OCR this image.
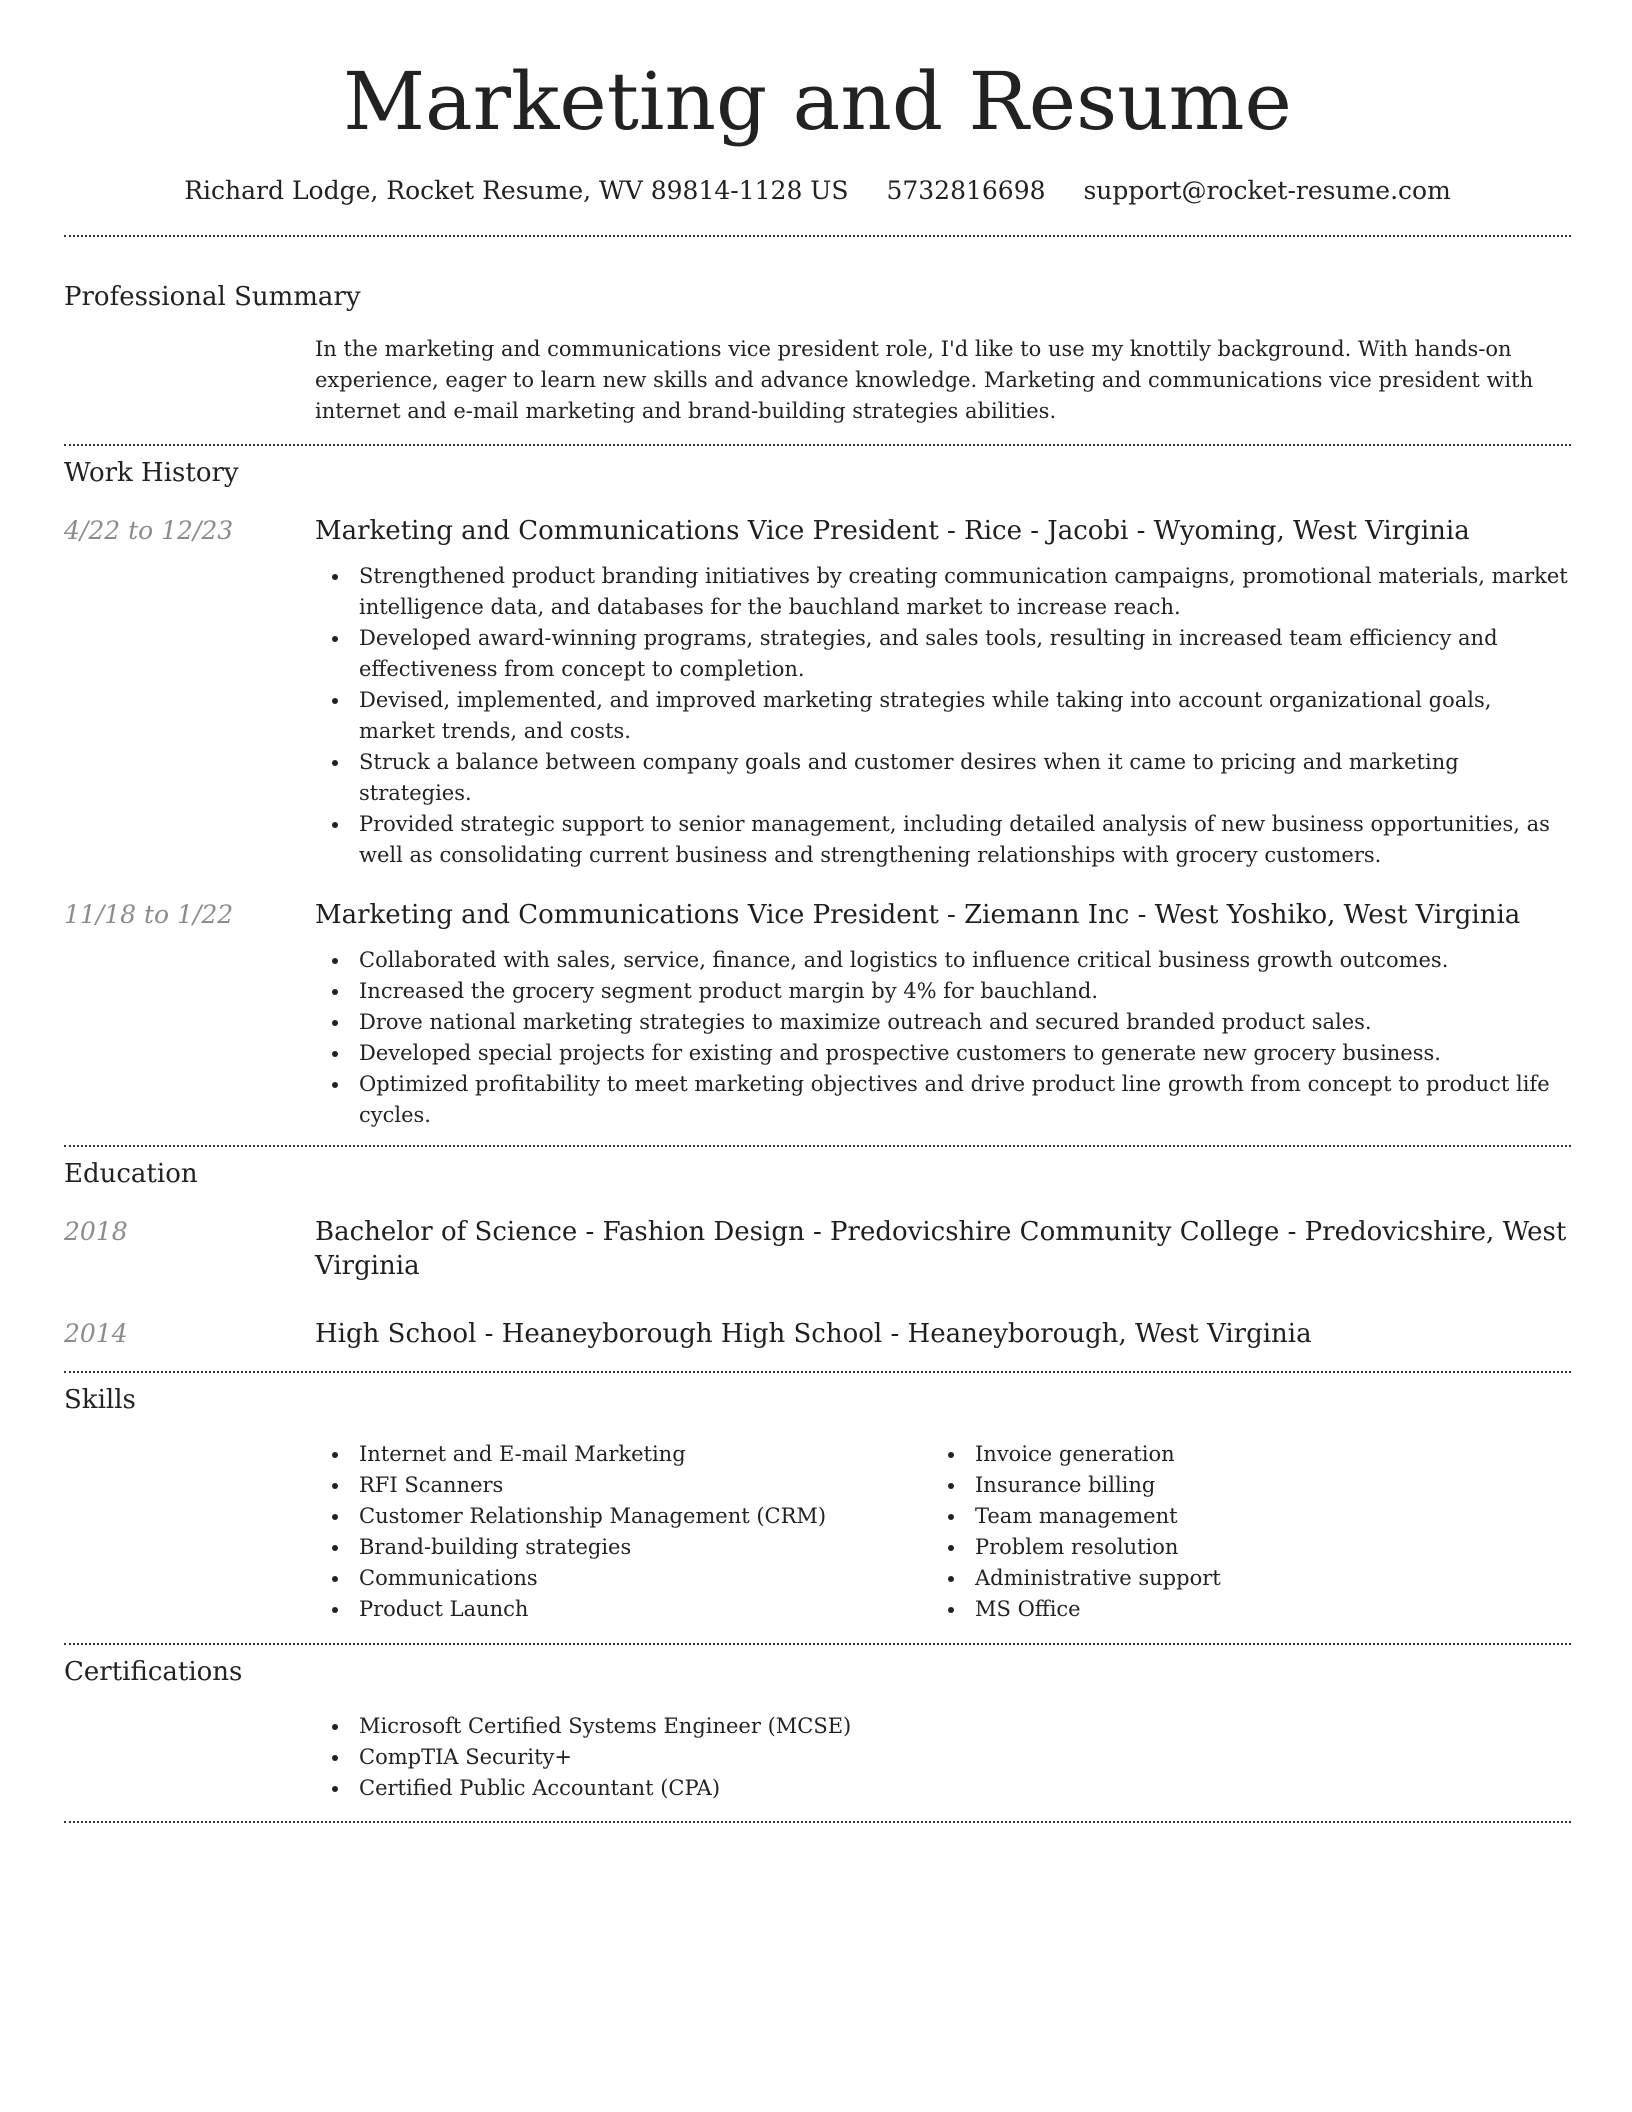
Marketing and Resume
Richard Lodge, Rocket Resume, WV 89814-1128 US 5732816698 support@rocket-resume.com
Professional Summary
In the marketing and communications vice president role, I'd like to use my knottily background. With hands-on experience, eager to learn new skills and advance knowledge. Marketing and communications vice president with internet and e-mail marketing and brand-building strategies abilities.
Work History
4/22 to 12/23	Marketing and Communications Vice President - Rice - Jacobi - Wyoming, West Virginia
Strengthened product branding initiatives by creating communication campaigns, promotional materials, market intelligence data, and databases for the bauchland market to increase reach.
Developed award-winning programs, strategies, and sales tools, resulting in increased team efficiency and effectiveness from concept to completion.
Devised, implemented, and improved marketing strategies while taking into account organizational goals, market trends, and costs.
Struck a balance between company goals and customer desires when it came to pricing and marketing strategies.
Provided strategic support to senior management, including detailed analysis of new business opportunities, as well as consolidating current business and strengthening relationships with grocery customers.
11/18 to 1/22	Marketing and Communications Vice President - Ziemann Inc - West Yoshiko, West Virginia
Collaborated with sales, service, finance, and logistics to influence critical business growth outcomes.
Increased the grocery segment product margin by 4% for bauchland.
Drove national marketing strategies to maximize outreach and secured branded product sales.
Developed special projects for existing and prospective customers to generate new grocery business.
Optimized profitability to meet marketing objectives and drive product line growth from concept to product life cycles.
Education
2018	Bachelor of Science - Fashion Design - Predovicshire Community College - Predovicshire, West Virginia
2014	High School - Heaneyborough High School - Heaneyborough, West Virginia
Skills
Internet and E-mail Marketing
RFI Scanners
Customer Relationship Management (CRM)
Brand-building strategies
Communications
Product Launch
Invoice generation
Insurance billing
Team management
Problem resolution
Administrative support
MS Office
Certifications
Microsoft Certified Systems Engineer (MCSE)
CompTIA Security+
Certified Public Accountant (CPA)
